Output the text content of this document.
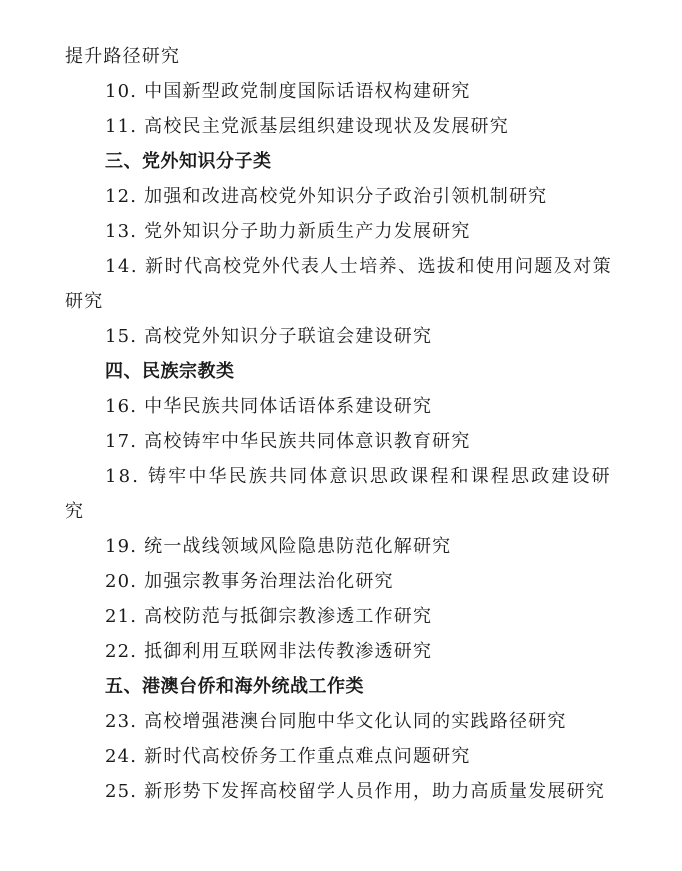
提升路径研究
10. 中国新型政党制度国际话语权构建研究
11. 高校民主党派基层组织建设现状及发展研究
三、党外知识分子类
12. 加强和改进高校党外知识分子政治引领机制研究
13. 党外知识分子助力新质生产力发展研究
14. 新时代高校党外代表人士培养、选拔和使用问题及对策
研究
15. 高校党外知识分子联谊会建设研究
四、民族宗教类
16. 中华民族共同体话语体系建设研究
17. 高校铸牢中华民族共同体意识教育研究
18. 铸牢中华民族共同体意识思政课程和课程思政建设研
究
19. 统一战线领域风险隐患防范化解研究
20. 加强宗教事务治理法治化研究
21. 高校防范与抵御宗教渗透工作研究
22. 抵御利用互联网非法传教渗透研究
五、港澳台侨和海外统战工作类
23. 高校增强港澳台同胞中华文化认同的实践路径研究
24. 新时代高校侨务工作重点难点问题研究
25. 新形势下发挥高校留学人员作用，助力高质量发展研究
